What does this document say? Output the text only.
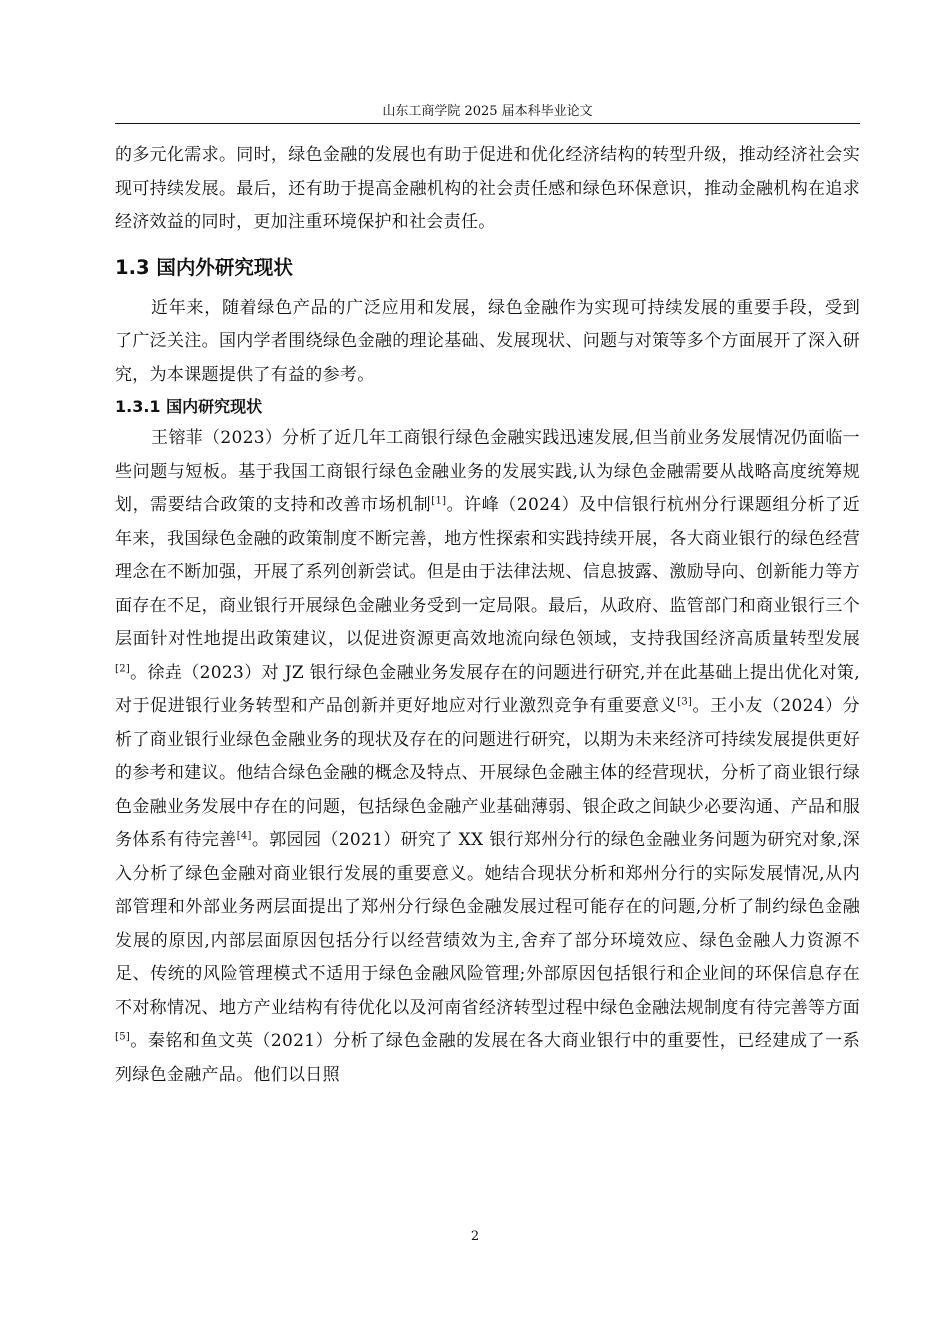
山东工商学院 2025 届本科毕业论文

的多元化需求。同时，绿色金融的发展也有助于促进和优化经济结构的转型升级，推动经济社会实现可持续发展。最后，还有助于提高金融机构的社会责任感和绿色环保意识，推动金融机构在追求经济效益的同时，更加注重环境保护和社会责任。

1.3 国内外研究现状

近年来，随着绿色产品的广泛应用和发展，绿色金融作为实现可持续发展的重要手段，受到了广泛关注。国内学者围绕绿色金融的理论基础、发展现状、问题与对策等多个方面展开了深入研究，为本课题提供了有益的参考。

1.3.1 国内研究现状

王镕菲（2023）分析了近几年工商银行绿色金融实践迅速发展,但当前业务发展情况仍面临一些问题与短板。基于我国工商银行绿色金融业务的发展实践,认为绿色金融需要从战略高度统筹规划，需要结合政策的支持和改善市场机制[1]。许峰（2024）及中信银行杭州分行课题组分析了近年来，我国绿色金融的政策制度不断完善，地方性探索和实践持续开展，各大商业银行的绿色经营理念在不断加强，开展了系列创新尝试。但是由于法律法规、信息披露、激励导向、创新能力等方面存在不足，商业银行开展绿色金融业务受到一定局限。最后，从政府、监管部门和商业银行三个层面针对性地提出政策建议，以促进资源更高效地流向绿色领域，支持我国经济高质量转型发展[2]。徐垚（2023）对 JZ 银行绿色金融业务发展存在的问题进行研究,并在此基础上提出优化对策,对于促进银行业务转型和产品创新并更好地应对行业激烈竞争有重要意义[3]。王小友（2024）分析了商业银行业绿色金融业务的现状及存在的问题进行研究，以期为未来经济可持续发展提供更好的参考和建议。他结合绿色金融的概念及特点、开展绿色金融主体的经营现状，分析了商业银行绿色金融业务发展中存在的问题，包括绿色金融产业基础薄弱、银企政之间缺少必要沟通、产品和服务体系有待完善[4]。郭园园（2021）研究了 XX 银行郑州分行的绿色金融业务问题为研究对象,深入分析了绿色金融对商业银行发展的重要意义。她结合现状分析和郑州分行的实际发展情况,从内部管理和外部业务两层面提出了郑州分行绿色金融发展过程可能存在的问题,分析了制约绿色金融发展的原因,内部层面原因包括分行以经营绩效为主,舍弃了部分环境效应、绿色金融人力资源不足、传统的风险管理模式不适用于绿色金融风险管理;外部原因包括银行和企业间的环保信息存在不对称情况、地方产业结构有待优化以及河南省经济转型过程中绿色金融法规制度有待完善等方面[5]。秦铭和鱼文英（2021）分析了绿色金融的发展在各大商业银行中的重要性，已经建成了一系列绿色金融产品。他们以日照

2
